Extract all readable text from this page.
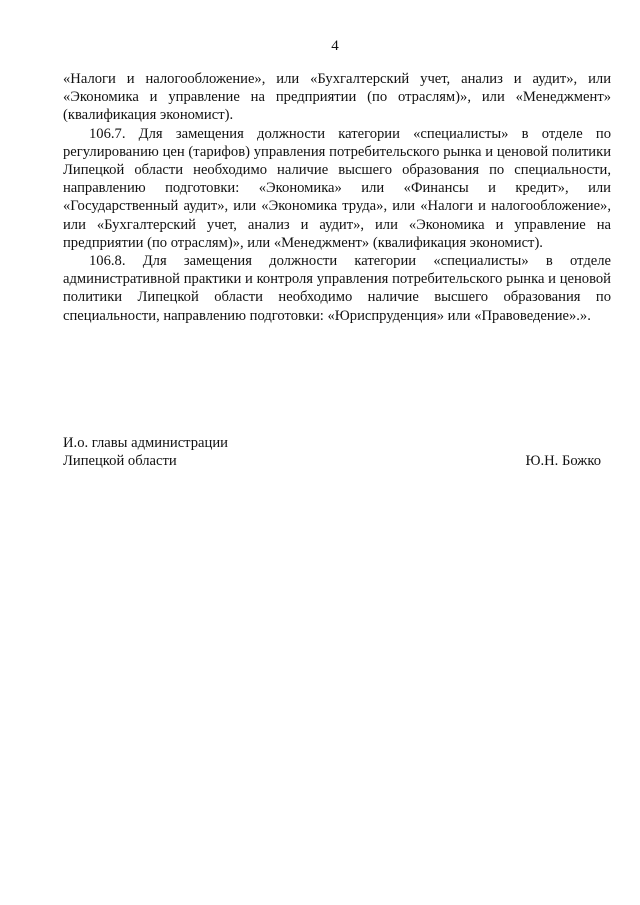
4

«Налоги и налогообложение», или «Бухгалтерский учет, анализ и аудит», или «Экономика и управление на предприятии (по отраслям)», или «Менеджмент» (квалификация экономист).

106.7. Для замещения должности категории «специалисты» в отделе по регулированию цен (тарифов) управления потребительского рынка и ценовой политики Липецкой области необходимо наличие высшего образования по специальности, направлению подготовки: «Экономика» или «Финансы и кредит», или «Государственный аудит», или «Экономика труда», или «Налоги и налогообложение», или «Бухгалтерский учет, анализ и аудит», или «Экономика и управление на предприятии (по отраслям)», или «Менеджмент» (квалификация экономист).

106.8. Для замещения должности категории «специалисты» в отделе административной практики и контроля управления потребительского рынка и ценовой политики Липецкой области необходимо наличие высшего образования по специальности, направлению подготовки: «Юриспруденция» или «Правоведение».».

И.о. главы администрации
Липецкой области	Ю.Н. Божко
